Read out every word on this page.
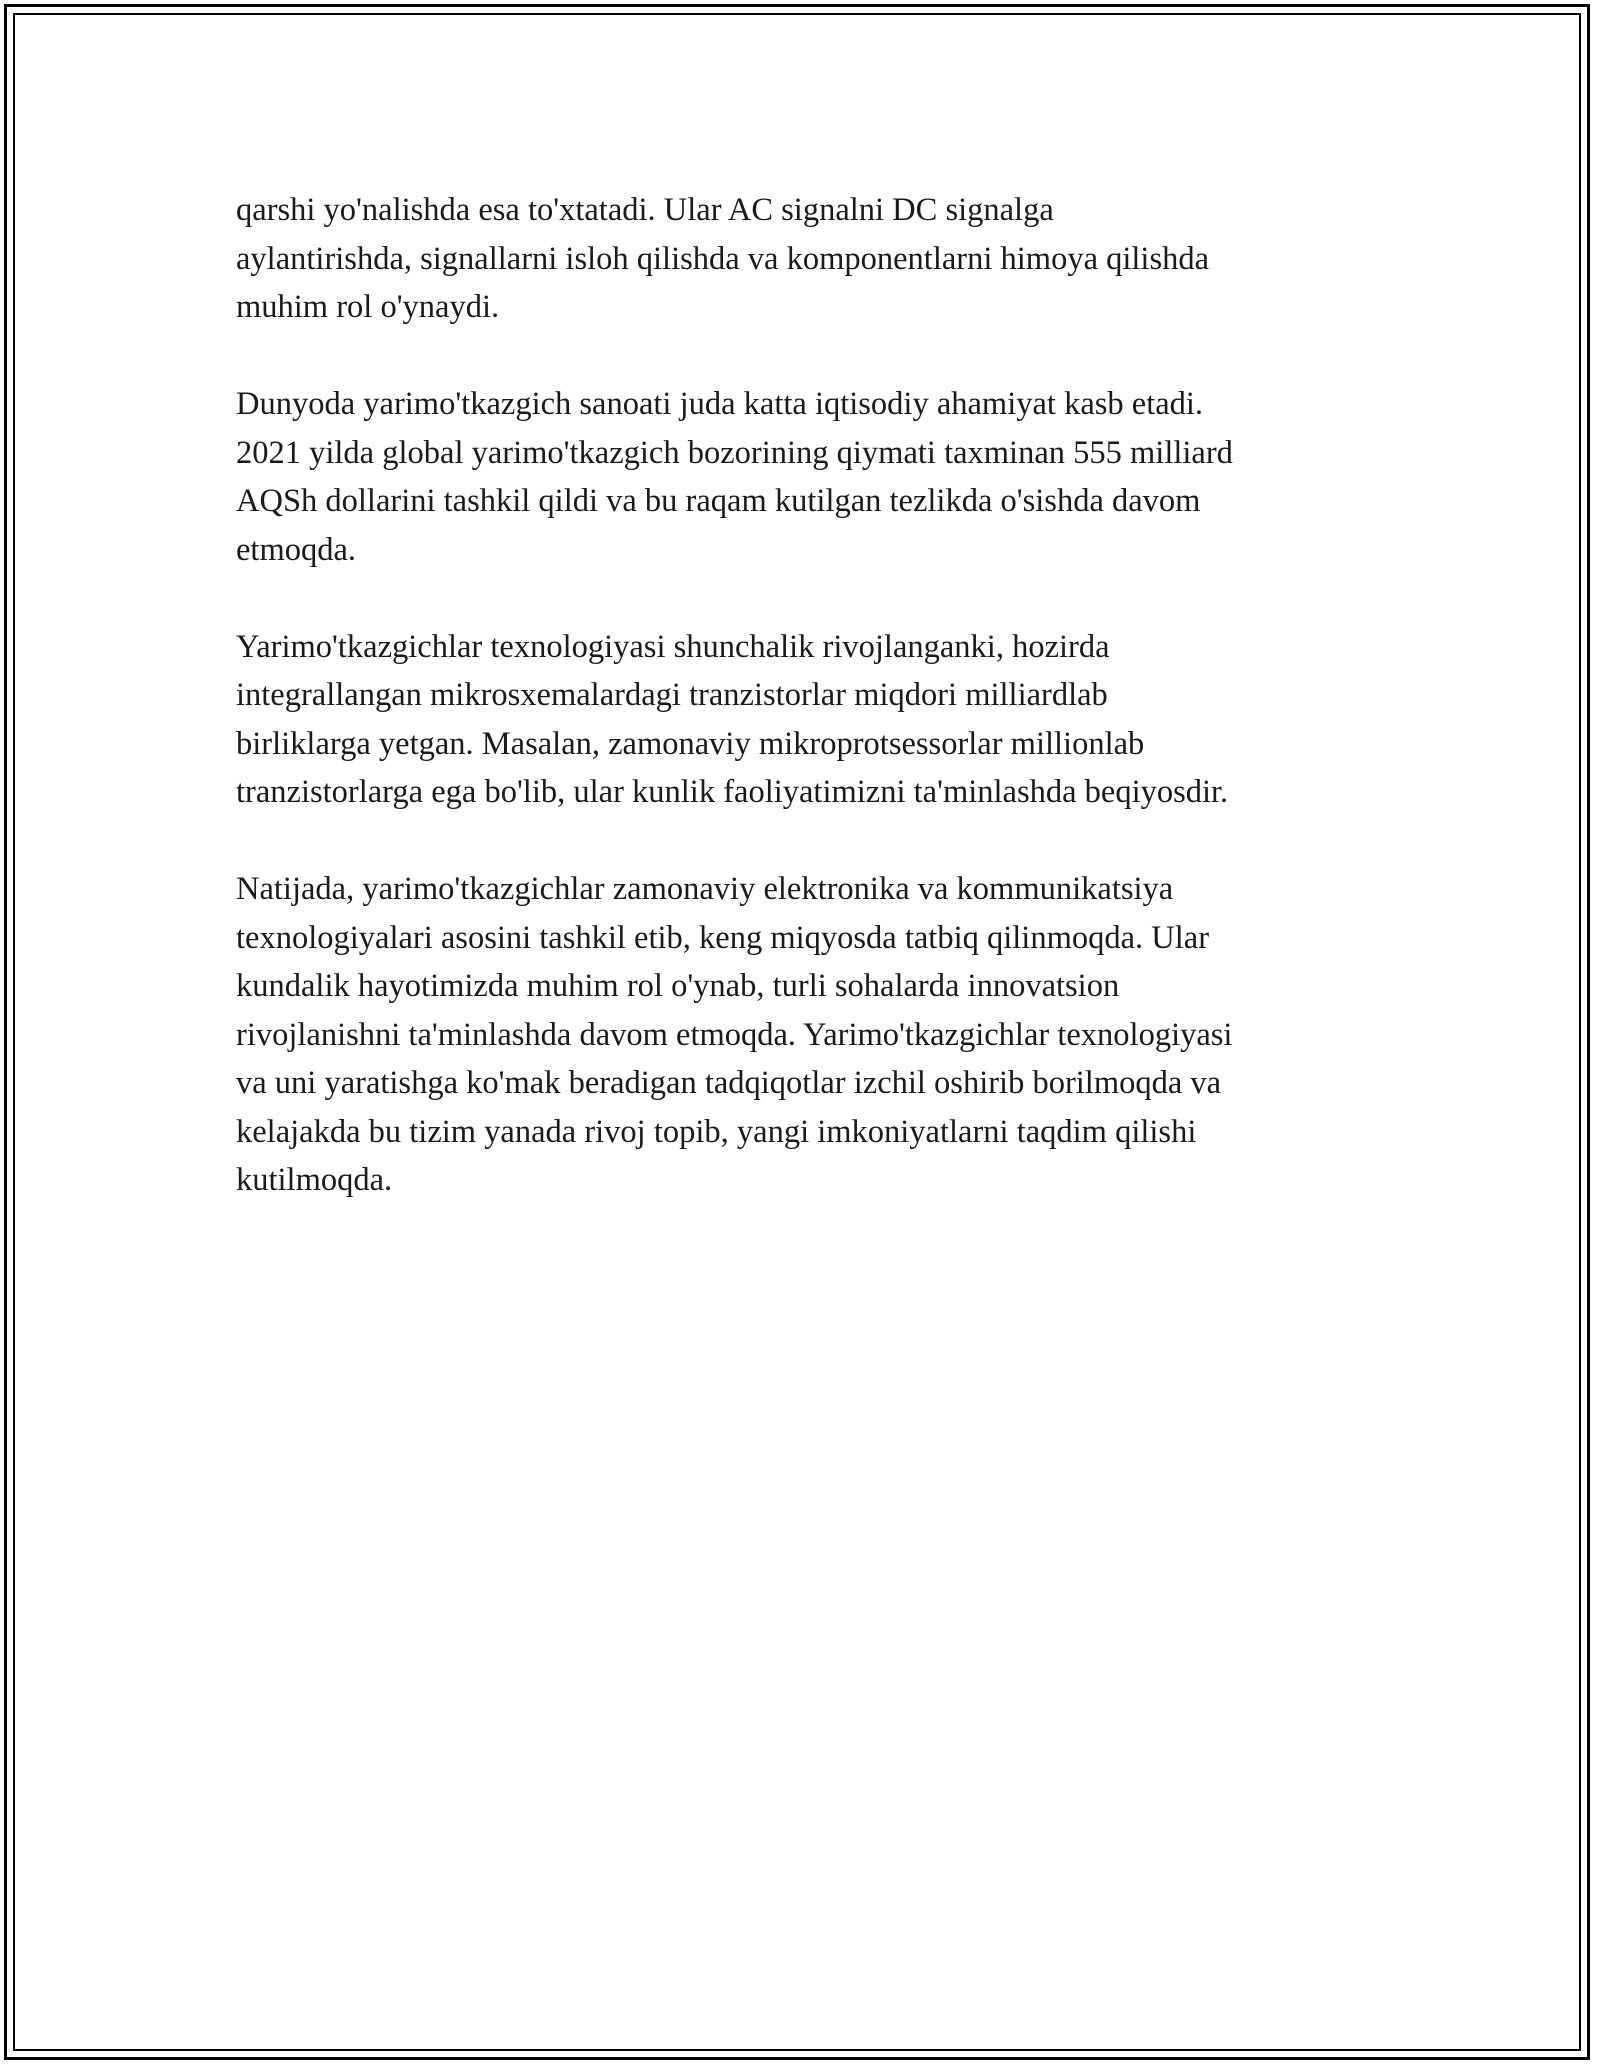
qarshi yo'nalishda esa to'xtatadi. Ular AC signalni DC signalga
aylantirishda, signallarni isloh qilishda va komponentlarni himoya qilishda
muhim rol o'ynaydi.

Dunyoda yarimo'tkazgich sanoati juda katta iqtisodiy ahamiyat kasb etadi.
2021 yilda global yarimo'tkazgich bozorining qiymati taxminan 555 milliard
AQSh dollarini tashkil qildi va bu raqam kutilgan tezlikda o'sishda davom
etmoqda.

Yarimo'tkazgichlar texnologiyasi shunchalik rivojlanganki, hozirda
integrallangan mikrosxemalardagi tranzistorlar miqdori milliardlab
birliklarga yetgan. Masalan, zamonaviy mikroprotsessorlar millionlab
tranzistorlarga ega bo'lib, ular kunlik faoliyatimizni ta'minlashda beqiyosdir.

Natijada, yarimo'tkazgichlar zamonaviy elektronika va kommunikatsiya
texnologiyalari asosini tashkil etib, keng miqyosda tatbiq qilinmoqda. Ular
kundalik hayotimizda muhim rol o'ynab, turli sohalarda innovatsion
rivojlanishni ta'minlashda davom etmoqda. Yarimo'tkazgichlar texnologiyasi
va uni yaratishga ko'mak beradigan tadqiqotlar izchil oshirib borilmoqda va
kelajakda bu tizim yanada rivoj topib, yangi imkoniyatlarni taqdim qilishi
kutilmoqda.
